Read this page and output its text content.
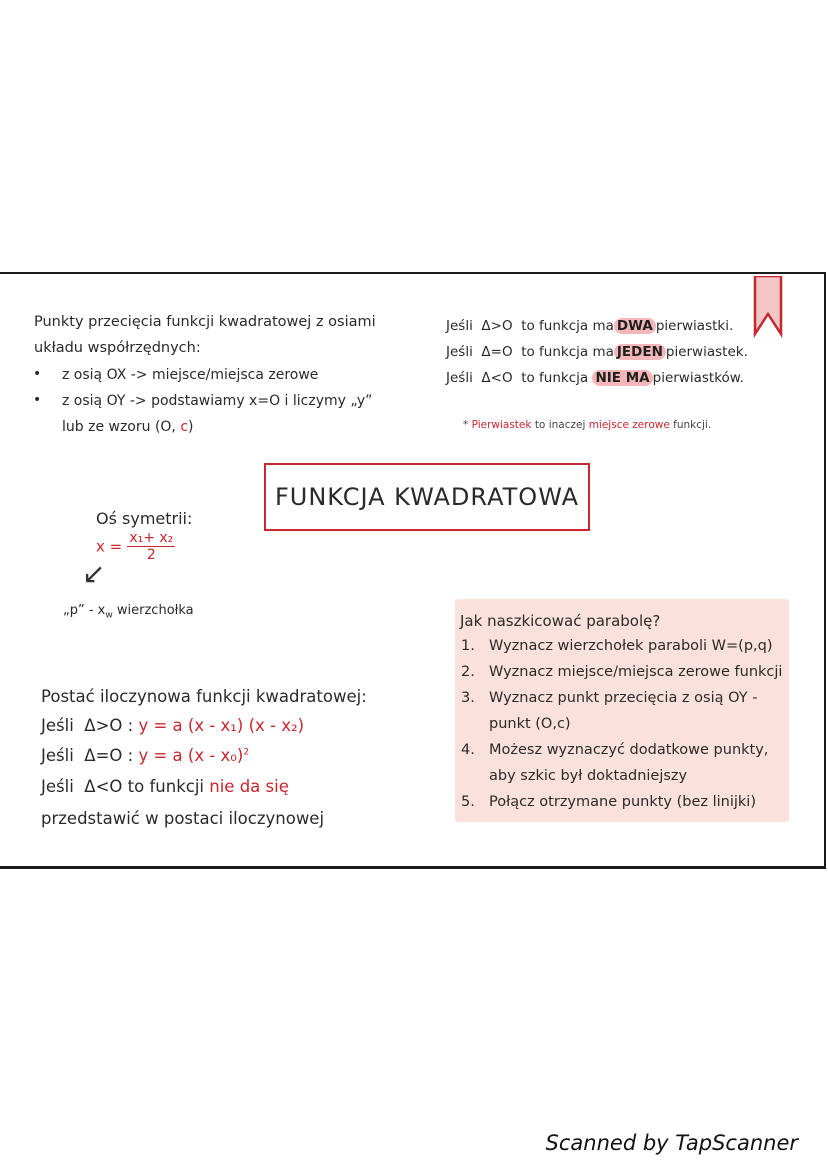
Punkty przecięcia funkcji kwadratowej z osiami
układu współrzędnych:
• z osią OX -> miejsce/miejsca zerowe
• z osią OY -> podstawiamy x=O i liczymy „y”
lub ze wzoru (O, c)
Jeśli Δ>O to funkcja ma DWA pierwiastki.
Jeśli Δ=O to funkcja ma JEDEN pierwiastek.
Jeśli Δ<O to funkcja NIE MA pierwiastków.
* Pierwiastek to inaczej miejsce zerowe funkcji.
FUNKCJA KWADRATOWA
Oś symetrii:
$x = \frac{\text{x₁+ x₂}}{2}$
↙
„p” - $x_w$ wierzchołka
Postać iloczynowa funkcji kwadratowej:
Jeśli Δ>O : y = a (x - x₁) (x - x₂)
Jeśli Δ=O : y = a (x - x₀)$^2$
Jeśli Δ<O to funkcji nie da się
przedstawić w postaci iloczynowej
Jak naszkicować parabolę?
1. Wyznacz wierzchołek paraboli W=(p,q)
2. Wyznacz miejsce/miejsca zerowe funkcji
3. Wyznacz punkt przecięcia z osią OY -
punkt (O,c)
4. Możesz wyznaczyć dodatkowe punkty,
aby szkic był doktadniejszy
5. Połącz otrzymane punkty (bez linijki)
Scanned by TapScanner
